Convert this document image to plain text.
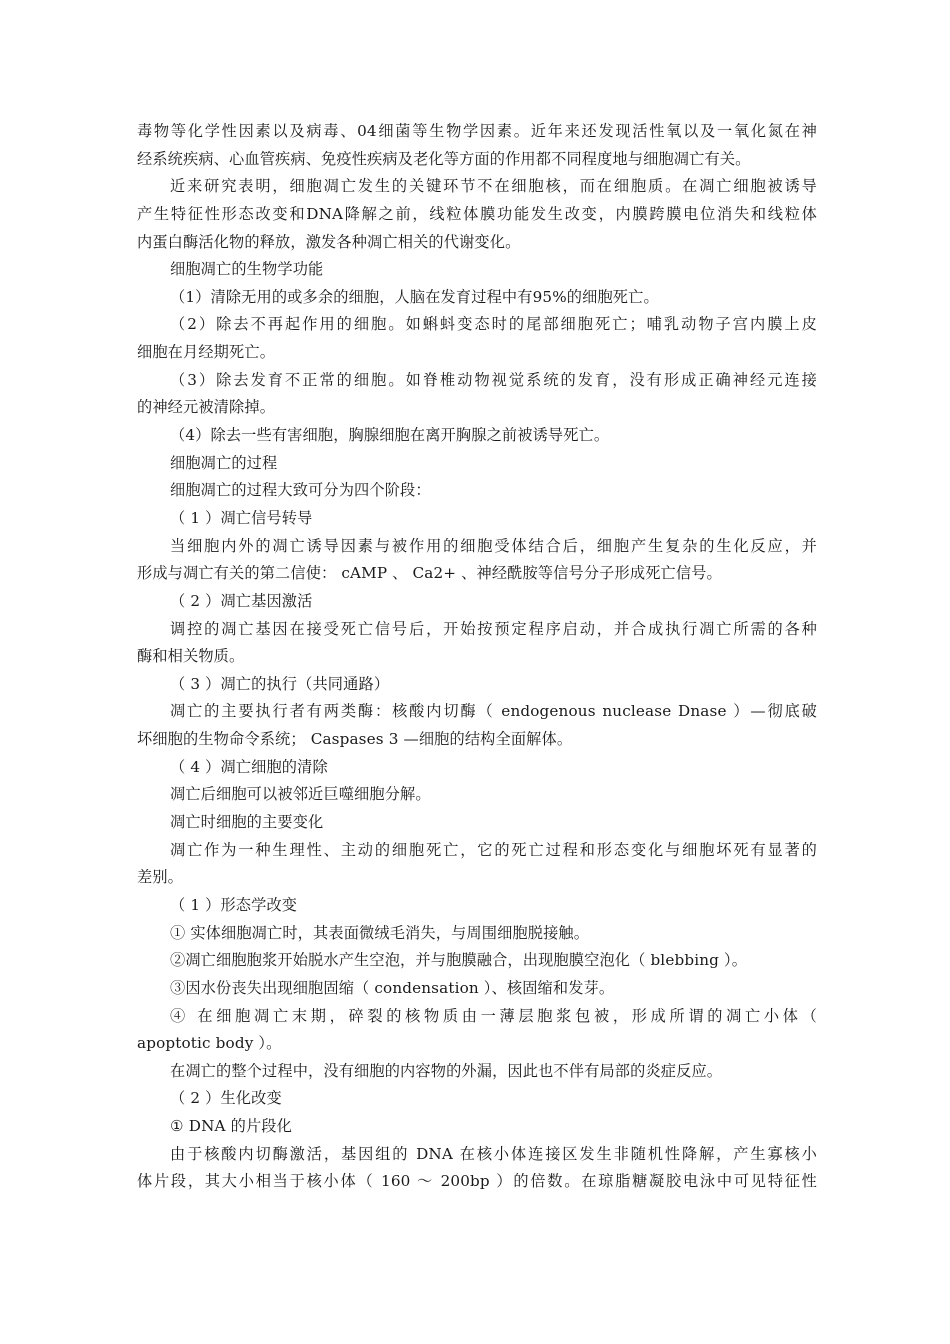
毒物等化学性因素以及病毒、04细菌等生物学因素。近年来还发现活性氧以及一氧化氮在神
经系统疾病、心血管疾病、免疫性疾病及老化等方面的作用都不同程度地与细胞凋亡有关。
近来研究表明，细胞凋亡发生的关键环节不在细胞核，而在细胞质。在凋亡细胞被诱导
产生特征性形态改变和DNA降解之前，线粒体膜功能发生改变，内膜跨膜电位消失和线粒体
内蛋白酶活化物的释放，激发各种凋亡相关的代谢变化。
细胞凋亡的生物学功能
（1）清除无用的或多余的细胞，人脑在发育过程中有95%的细胞死亡。
（2）除去不再起作用的细胞。如蝌蚪变态时的尾部细胞死亡；哺乳动物子宫内膜上皮
细胞在月经期死亡。
（3）除去发育不正常的细胞。如脊椎动物视觉系统的发育，没有形成正确神经元连接
的神经元被清除掉。
（4）除去一些有害细胞，胸腺细胞在离开胸腺之前被诱导死亡。
细胞凋亡的过程
细胞凋亡的过程大致可分为四个阶段：
（ 1 ）凋亡信号转导
当细胞内外的凋亡诱导因素与被作用的细胞受体结合后，细胞产生复杂的生化反应，并
形成与凋亡有关的第二信使： cAMP 、 Ca2+ 、神经酰胺等信号分子形成死亡信号。
（ 2 ）凋亡基因激活
调控的凋亡基因在接受死亡信号后，开始按预定程序启动，并合成执行凋亡所需的各种
酶和相关物质。
（ 3 ）凋亡的执行（共同通路）
凋亡的主要执行者有两类酶：核酸内切酶（ endogenous nuclease Dnase ）—彻底破
坏细胞的生物命令系统； Caspases 3 —细胞的结构全面解体。
（ 4 ）凋亡细胞的清除
凋亡后细胞可以被邻近巨噬细胞分解。
凋亡时细胞的主要变化
凋亡作为一种生理性、主动的细胞死亡，它的死亡过程和形态变化与细胞坏死有显著的
差别。
（ 1 ）形态学改变
① 实体细胞凋亡时，其表面微绒毛消失，与周围细胞脱接触。
②凋亡细胞胞浆开始脱水产生空泡，并与胞膜融合，出现胞膜空泡化（ blebbing ）。
③因水份丧失出现细胞固缩（ condensation ）、核固缩和发芽。
④ 在细胞凋亡末期，碎裂的核物质由一薄层胞浆包被，形成所谓的凋亡小体（
apoptotic body ）。
在凋亡的整个过程中，没有细胞的内容物的外漏，因此也不伴有局部的炎症反应。
（ 2 ）生化改变
① DNA 的片段化
由于核酸内切酶激活，基因组的 DNA 在核小体连接区发生非随机性降解，产生寡核小
体片段，其大小相当于核小体（ 160 ～ 200bp ）的倍数。在琼脂糖凝胶电泳中可见特征性
